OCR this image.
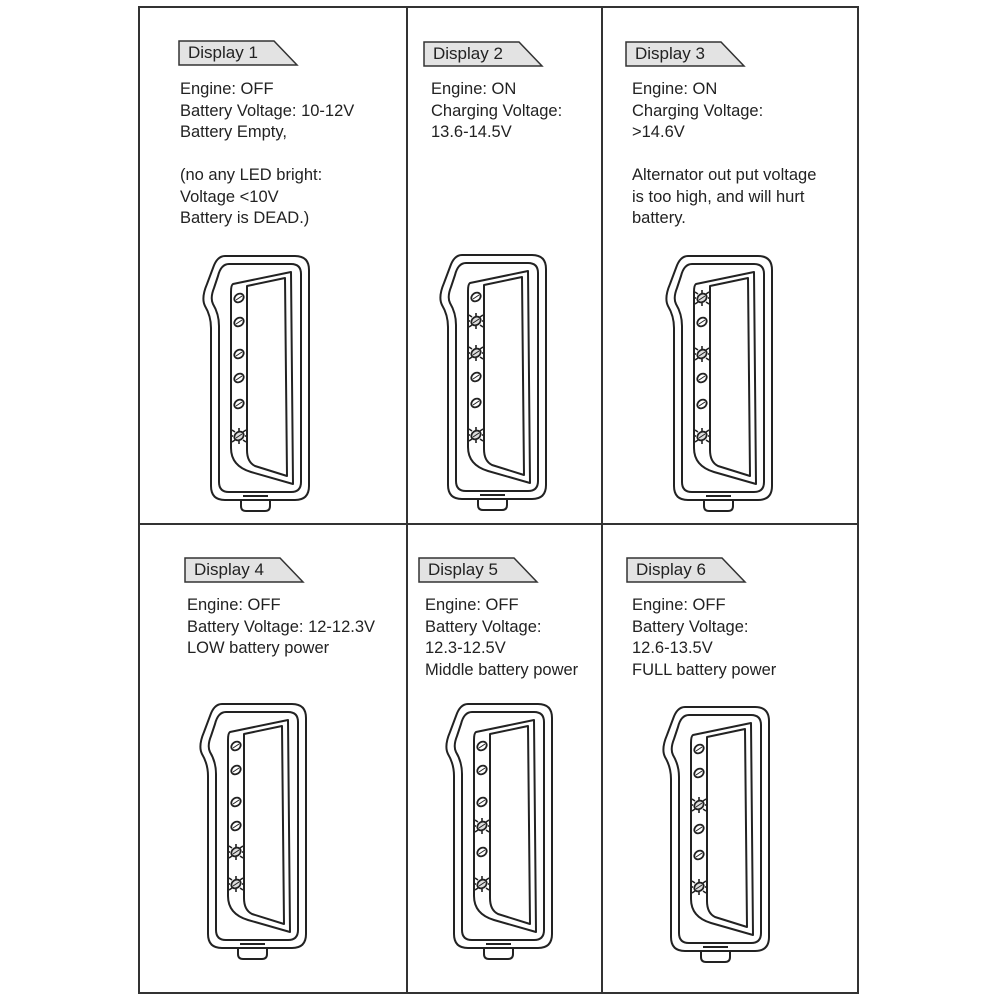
Display 1
Engine: OFF
Battery Voltage: 10-12V
Battery Empty,
(no any LED bright:
Voltage <10V
Battery is DEAD.)
Display 2
Engine: ON
Charging Voltage:
13.6-14.5V
Display 3
Engine: ON
Charging Voltage:
>14.6V
Alternator out put voltage
is too high, and will hurt
battery.
Display 4
Engine: OFF
Battery Voltage: 12-12.3V
LOW battery power
Display 5
Engine: OFF
Battery Voltage:
12.3-12.5V
Middle battery power
Display 6
Engine: OFF
Battery Voltage:
12.6-13.5V
FULL battery power
